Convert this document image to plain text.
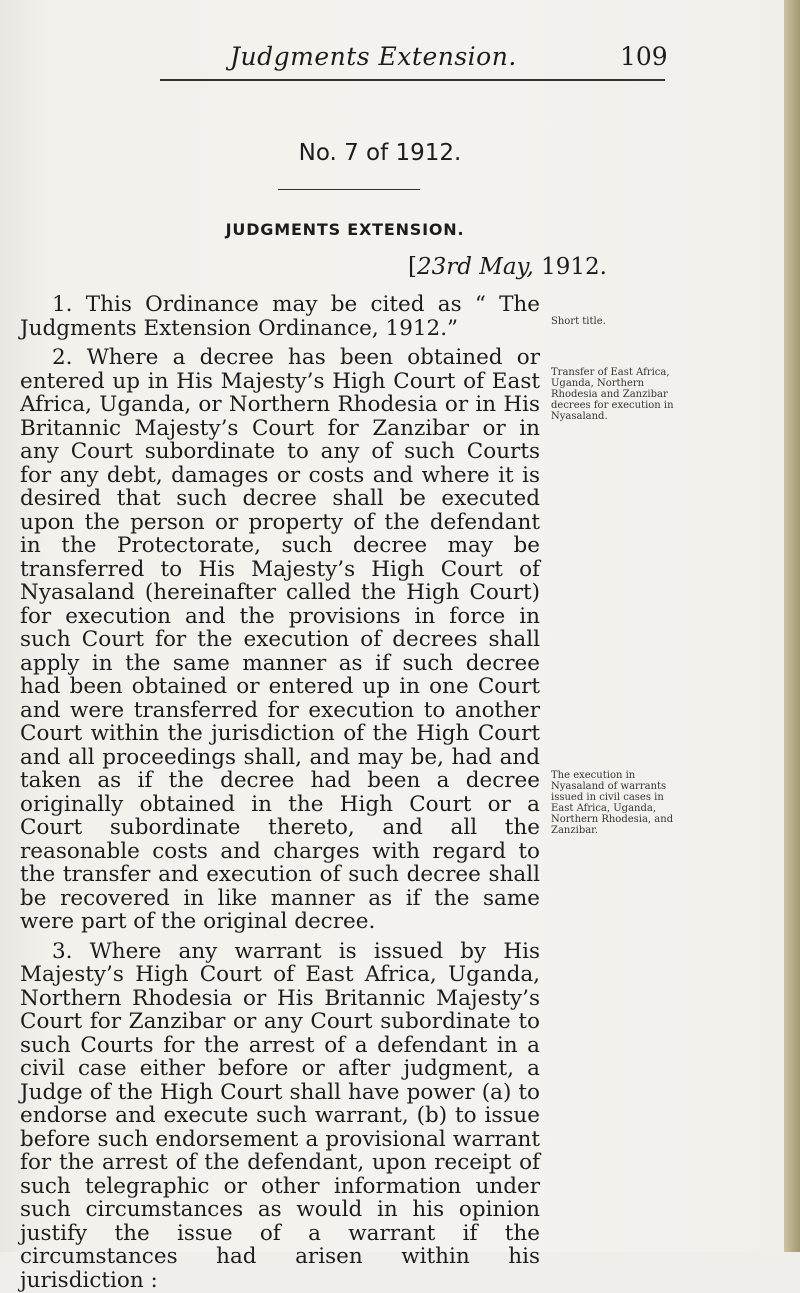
Judgments Extension.	109
No. 7 of 1912.
JUDGMENTS EXTENSION.
[23rd May, 1912.

1. This Ordinance may be cited as “ The Judgments Extension Ordinance, 1912.”

2. Where a decree has been obtained or entered up in His Majesty’s High Court of East Africa, Uganda, or Northern Rhodesia or in His Britannic Majesty’s Court for Zanzibar or in any Court subordinate to any of such Courts for any debt, damages or costs and where it is desired that such decree shall be executed upon the person or property of the defendant in the Protectorate, such decree may be transferred to His Majesty’s High Court of Nyasaland (hereinafter called the High Court) for execution and the provisions in force in such Court for the execution of decrees shall apply in the same manner as if such decree had been obtained or entered up in one Court and were transferred for execution to another Court within the jurisdiction of the High Court and all proceedings shall, and may be, had and taken as if the decree had been a decree originally obtained in the High Court or a Court subordinate thereto, and all the reasonable costs and charges with regard to the transfer and execution of such decree shall be recovered in like manner as if the same were part of the original decree.

3. Where any warrant is issued by His Majesty’s High Court of East Africa, Uganda, Northern Rhodesia or His Britannic Majesty’s Court for Zanzibar or any Court subordinate to such Courts for the arrest of a defendant in a civil case either before or after judgment, a Judge of the High Court shall have power (a) to endorse and execute such warrant, (b) to issue before such endorsement a provisional warrant for the arrest of the defendant, upon receipt of such telegraphic or other information under such circumstances as would in his opinion justify the issue of a warrant if the circumstances had arisen within his jurisdiction :

Short title.
Transfer of East Africa, Uganda, Northern Rhodesia and Zanzibar decrees for execution in Nyasaland.
The execution in Nyasaland of warrants issued in civil cases in East Africa, Uganda, Northern Rhodesia, and Zanzibar.
